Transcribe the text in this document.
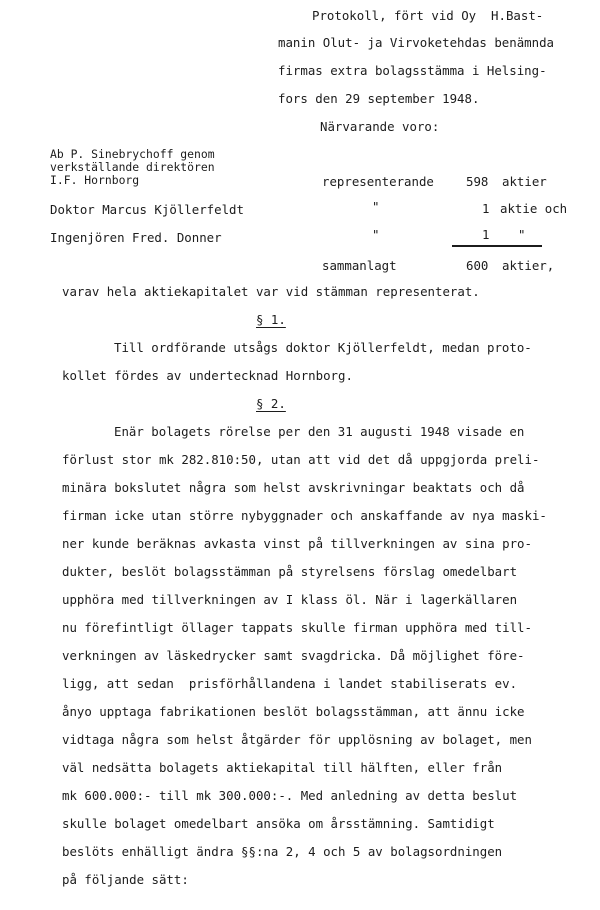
Protokoll, fört vid Oy  H.Bast-
manin Olut- ja Virvoketehdas benämnda
firmas extra bolagsstämma i Helsing-
fors den 29 september 1948.
Närvarande voro:
Ab P. Sinebrychoff genom
verkställande direktören
I.F. Hornborg	representerande	598 aktier
Doktor Marcus Kjöllerfeldt	"	1 aktie och
Ingenjören Fred. Donner	"	1 "
sammanlagt	600 aktier,
varav hela aktiekapitalet var vid stämman representerat.
§ 1.
Till ordförande utsågs doktor Kjöllerfeldt, medan proto-
kollet fördes av undertecknad Hornborg.
§ 2.
Enär bolagets rörelse per den 31 augusti 1948 visade en
förlust stor mk 282.810:50, utan att vid det då uppgjorda preli-
minära bokslutet några som helst avskrivningar beaktats och då
firman icke utan större nybyggnader och anskaffande av nya maski-
ner kunde beräknas avkasta vinst på tillverkningen av sina pro-
dukter, beslöt bolagsstämman på styrelsens förslag omedelbart
upphöra med tillverkningen av I klass öl. När i lagerkällaren
nu förefintligt öllager tappats skulle firman upphöra med till-
verkningen av läskedrycker samt svagdricka. Då möjlighet före-
ligg, att sedan  prisförhållandena i landet stabiliserats ev.
ånyo upptaga fabrikationen beslöt bolagsstämman, att ännu icke
vidtaga några som helst åtgärder för upplösning av bolaget, men
väl nedsätta bolagets aktiekapital till hälften, eller från
mk 600.000:- till mk 300.000:-. Med anledning av detta beslut
skulle bolaget omedelbart ansöka om årsstämning. Samtidigt
beslöts enhälligt ändra §§:na 2, 4 och 5 av bolagsordningen
på följande sätt:
